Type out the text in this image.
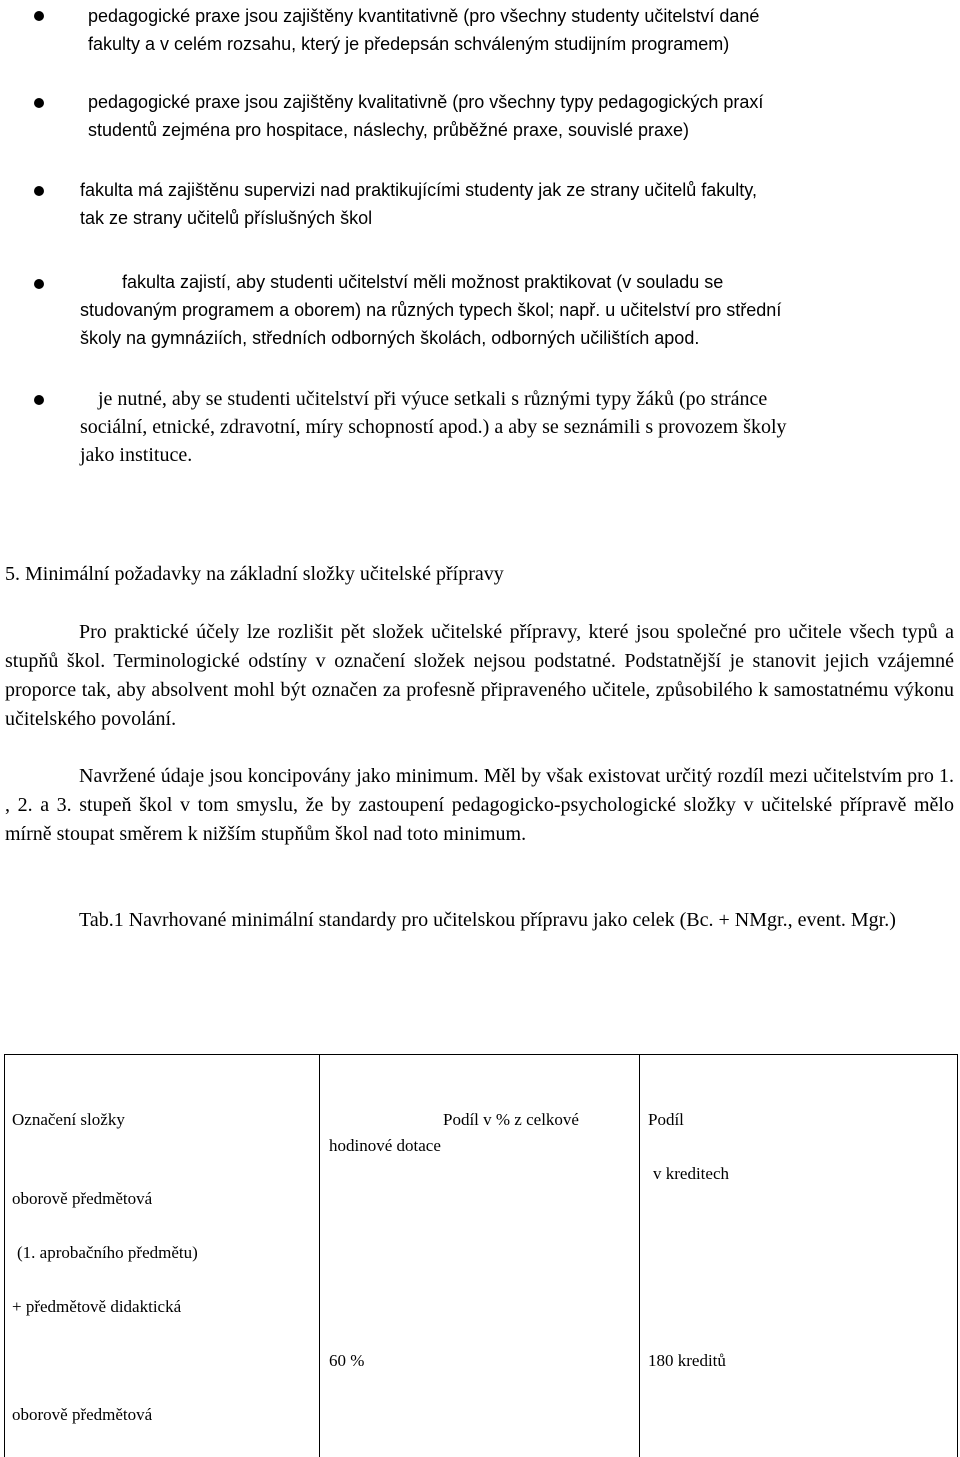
pedagogické praxe jsou zajištěny kvantitativně (pro všechny studenty učitelství dané
fakulty a v celém rozsahu, který je předepsán schváleným studijním programem)

pedagogické praxe jsou zajištěny kvalitativně (pro všechny typy pedagogických praxí
studentů zejména pro hospitace, náslechy, průběžné praxe, souvislé praxe)

fakulta má zajištěnu supervizi nad praktikujícími studenty jak ze strany učitelů fakulty,
tak ze strany učitelů příslušných škol

fakulta zajistí, aby studenti učitelství měli možnost praktikovat (v souladu se
studovaným programem a oborem) na různých typech škol; např. u učitelství pro střední
školy na gymnáziích, středních odborných školách, odborných učilištích apod.

je nutné, aby se studenti učitelství při výuce setkali s různými typy žáků (po stránce
sociální, etnické, zdravotní, míry schopností apod.) a aby se seznámili s provozem školy
jako instituce.

5. Minimální požadavky na základní složky učitelské přípravy

Pro praktické účely lze rozlišit pět složek učitelské přípravy, které jsou společné pro učitele všech typů a stupňů škol. Terminologické odstíny v označení složek nejsou podstatné. Podstatnější je stanovit jejich vzájemné proporce tak, aby absolvent mohl být označen za profesně připraveného učitele, způsobilého k samostatnému výkonu učitelského povolání.

Navržené údaje jsou koncipovány jako minimum. Měl by však existovat určitý rozdíl mezi učitelstvím pro 1. , 2. a 3. stupeň škol v tom smyslu, že by zastoupení pedagogicko-psychologické složky v učitelské přípravě mělo mírně stoupat směrem k nižším stupňům škol nad toto minimum.

Tab.1 Navrhované minimální standardy pro učitelskou přípravu jako celek (Bc. + NMgr., event. Mgr.)

Označení složky	Podíl v % z celkové

hodinové dotace

Podíl

v kreditech

oborově předmětová

(1. aprobačního předmětu)

+ předmětově didaktická

60 %	180 kreditů

oborově předmětová
